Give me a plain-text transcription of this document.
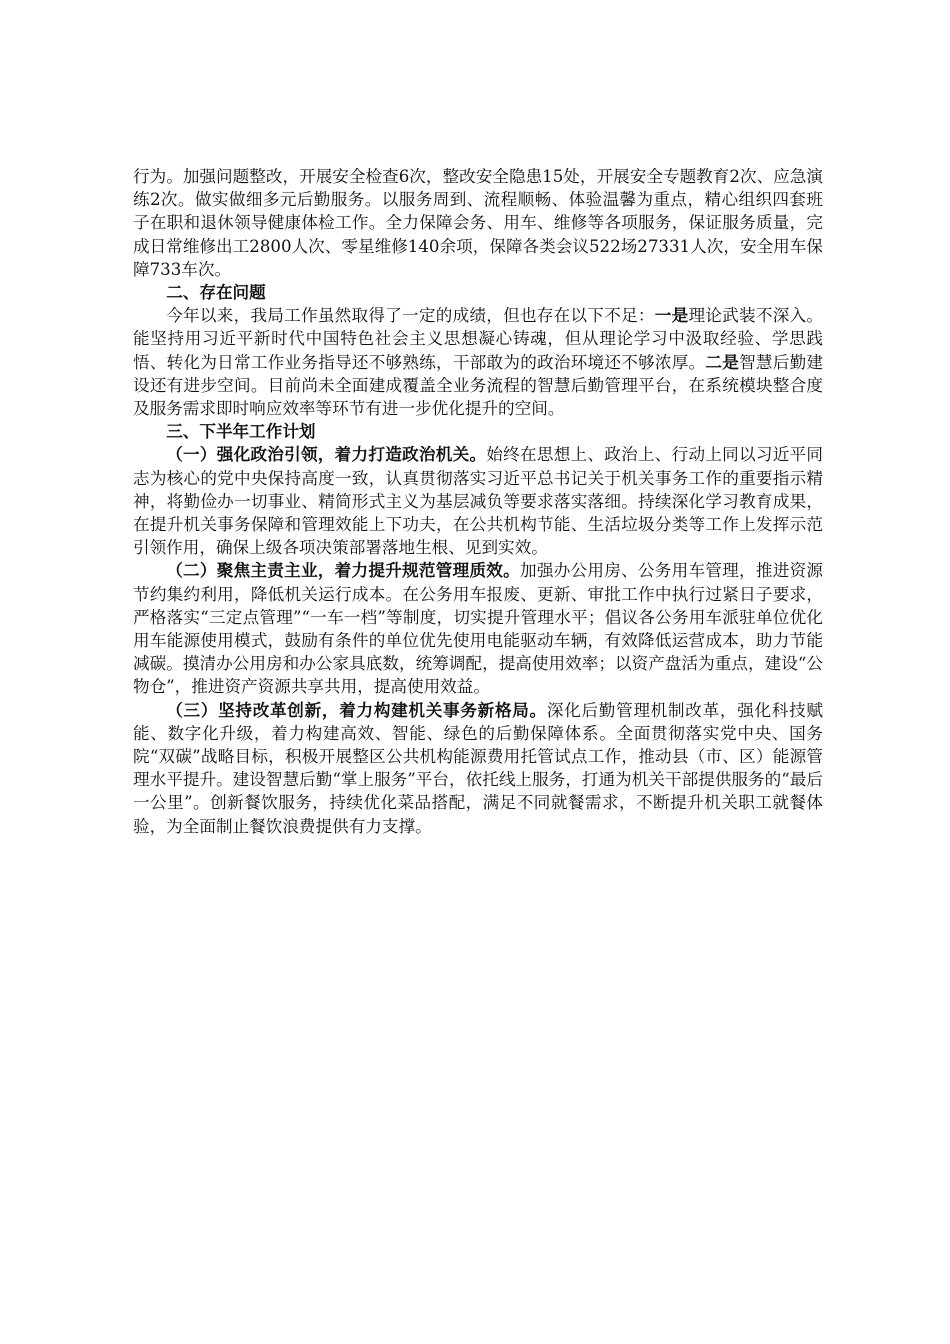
行为。加强问题整改，开展安全检查6次，整改安全隐患15处，开展安全专题教育2次、应急演练2次。做实做细多元后勤服务。以服务周到、流程顺畅、体验温馨为重点，精心组织四套班子在职和退休领导健康体检工作。全力保障会务、用车、维修等各项服务，保证服务质量，完成日常维修出工2800人次、零星维修140余项，保障各类会议522场27331人次，安全用车保障733车次。

二、存在问题

今年以来，我局工作虽然取得了一定的成绩，但也存在以下不足：一是理论武装不深入。能坚持用习近平新时代中国特色社会主义思想凝心铸魂，但从理论学习中汲取经验、学思践悟、转化为日常工作业务指导还不够熟练，干部敢为的政治环境还不够浓厚。二是智慧后勤建设还有进步空间。目前尚未全面建成覆盖全业务流程的智慧后勤管理平台，在系统模块整合度及服务需求即时响应效率等环节有进一步优化提升的空间。

三、下半年工作计划

（一）强化政治引领，着力打造政治机关。始终在思想上、政治上、行动上同以习近平同志为核心的党中央保持高度一致，认真贯彻落实习近平总书记关于机关事务工作的重要指示精神，将勤俭办一切事业、精简形式主义为基层减负等要求落实落细。持续深化学习教育成果，在提升机关事务保障和管理效能上下功夫，在公共机构节能、生活垃圾分类等工作上发挥示范引领作用，确保上级各项决策部署落地生根、见到实效。

（二）聚焦主责主业，着力提升规范管理质效。加强办公用房、公务用车管理，推进资源节约集约利用，降低机关运行成本。在公务用车报废、更新、审批工作中执行过紧日子要求，严格落实“三定点管理”“一车一档”等制度，切实提升管理水平；倡议各公务用车派驻单位优化用车能源使用模式，鼓励有条件的单位优先使用电能驱动车辆，有效降低运营成本，助力节能减碳。摸清办公用房和办公家具底数，统筹调配，提高使用效率；以资产盘活为重点，建设“公物仓”，推进资产资源共享共用，提高使用效益。

（三）坚持改革创新，着力构建机关事务新格局。深化后勤管理机制改革，强化科技赋能、数字化升级，着力构建高效、智能、绿色的后勤保障体系。全面贯彻落实党中央、国务院“双碳”战略目标，积极开展整区公共机构能源费用托管试点工作，推动县（市、区）能源管理水平提升。建设智慧后勤“掌上服务”平台，依托线上服务，打通为机关干部提供服务的“最后一公里”。创新餐饮服务，持续优化菜品搭配，满足不同就餐需求，不断提升机关职工就餐体验，为全面制止餐饮浪费提供有力支撑。
